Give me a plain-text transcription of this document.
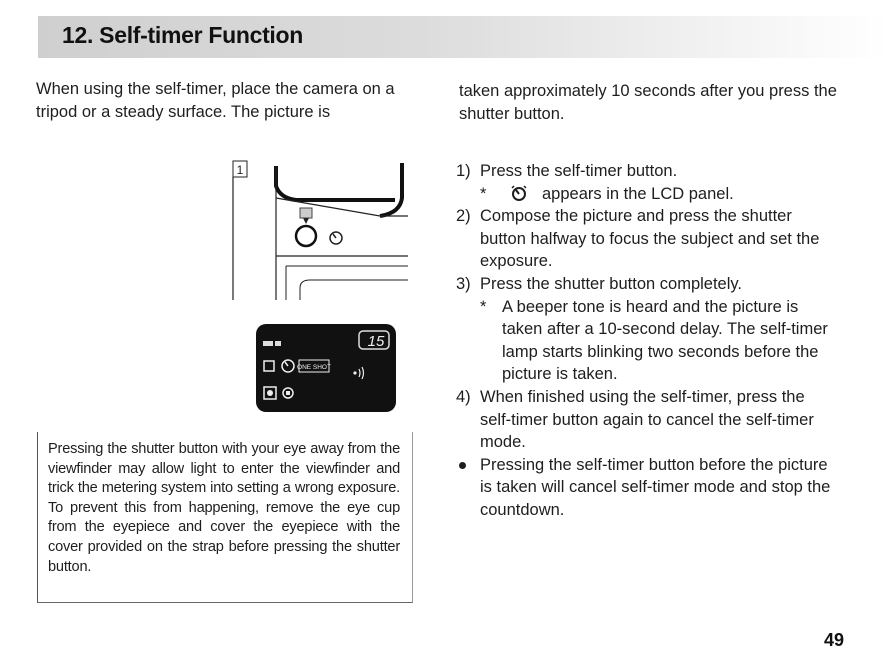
12. Self-timer Function

When using the self-timer, place the camera on a tripod or a steady surface. The picture is

taken approximately 10 seconds after you press the shutter button.

1
15
ONE SHOT

Pressing the shutter button with your eye away from the viewfinder may allow light to enter the viewfinder and trick the metering system into setting a wrong exposure. To prevent this from happening, remove the eye cup from the eyepiece and cover the eyepiece with the cover provided on the strap before pressing the shutter button.

1) Press the self-timer button.
*	appears in the LCD panel.
2) Compose the picture and press the shutter button halfway to focus the subject and set the exposure.
3) Press the shutter button completely.
* A beeper tone is heard and the picture is taken after a 10-second delay. The self-timer lamp starts blinking two seconds before the picture is taken.
4) When finished using the self-timer, press the self-timer button again to cancel the self-timer mode.
Pressing the self-timer button before the picture is taken will cancel self-timer mode and stop the countdown.
49
